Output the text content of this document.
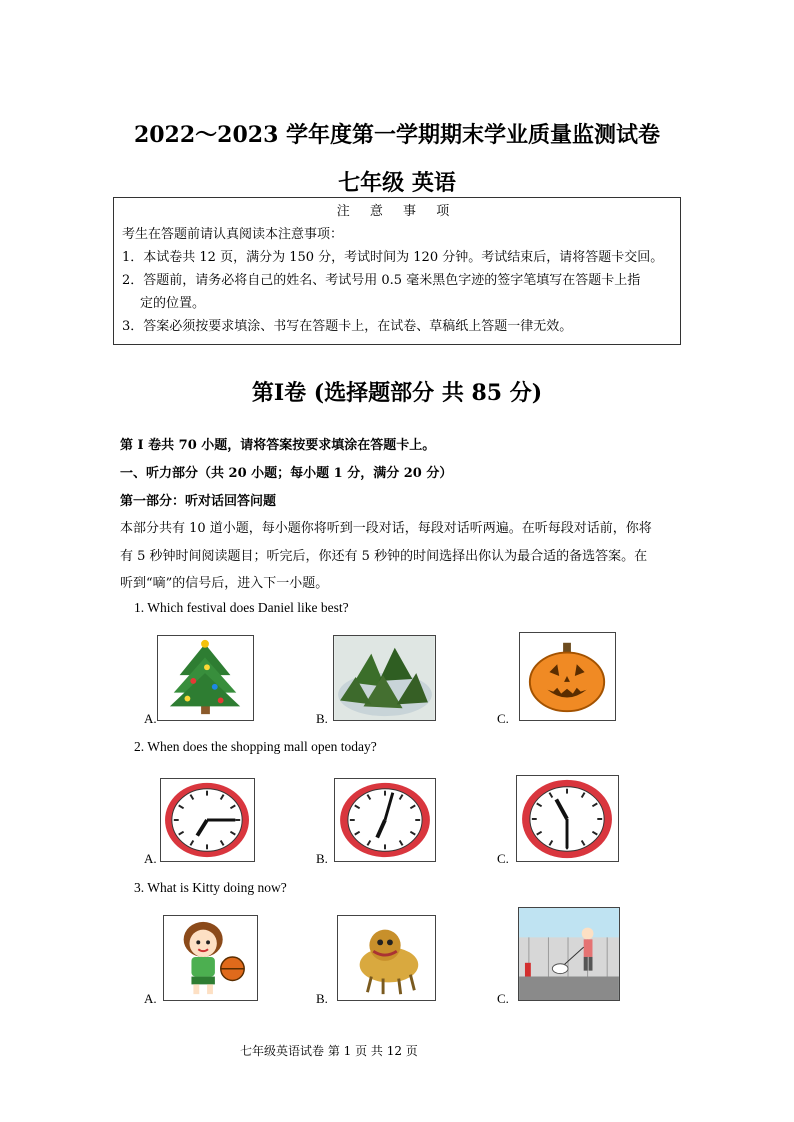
2022～2023 学年度第一学期期末学业质量监测试卷
七年级 英语
注 意 事 项

考生在答题前请认真阅读本注意事项：

1．本试卷共 12 页，满分为 150 分，考试时间为 120 分钟。考试结束后，请将答题卡交回。

2．答题前，请务必将自己的姓名、考试号用 0.5 毫米黑色字迹的签字笔填写在答题卡上指

定的位置。

3．答案必须按要求填涂、书写在答题卡上，在试卷、草稿纸上答题一律无效。

第Ⅰ卷 (选择题部分 共 85 分)
第 I 卷共 70 小题，请将答案按要求填涂在答题卡上。
一、听力部分（共 20 小题；每小题 1 分，满分 20 分）
第一部分：听对话回答问题
本部分共有 10 道小题，每小题你将听到一段对话，每段对话听两遍。在听每段对话前，你将
有 5 秒钟时间阅读题目；听完后，你还有 5 秒钟的时间选择出你认为最合适的备选答案。在
听到“嘀”的信号后，进入下一小题。
1. Which festival does Daniel like best?
A.	B.	C.
2. When does the shopping mall open today?
A.	B.	C.
3. What is Kitty doing now?
A.	B.	C.
七年级英语试卷 第 1 页 共 12 页
